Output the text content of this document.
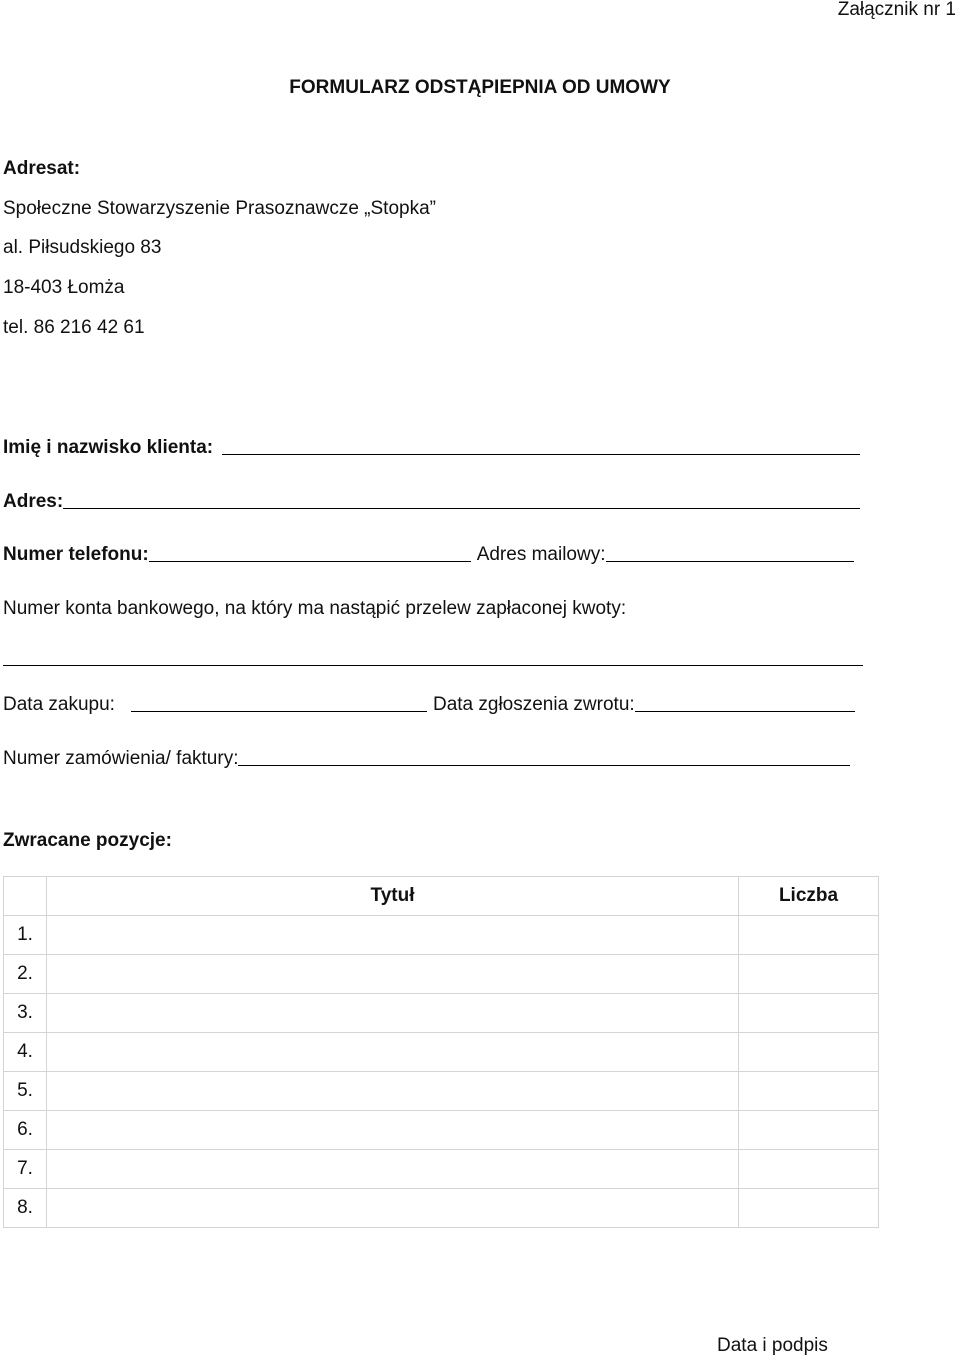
Załącznik nr 1
FORMULARZ ODSTĄPIEPNIA OD UMOWY
Adresat:
Społeczne Stowarzyszenie Prasoznawcze „Stopka”
al. Piłsudskiego 83
18-403 Łomża
tel. 86 216 42 61
Imię i nazwisko klienta:
Adres:
Numer telefonu:	Adres mailowy:
Numer konta bankowego, na który ma nastąpić przelew zapłaconej kwoty:
Data zakupu:	Data zgłoszenia zwrotu:
Numer zamówienia/ faktury:
Zwracane pozycje:
	Tytuł	Liczba
1.		
2.		
3.		
4.		
5.		
6.		
7.		
8.		
Data i podpis
